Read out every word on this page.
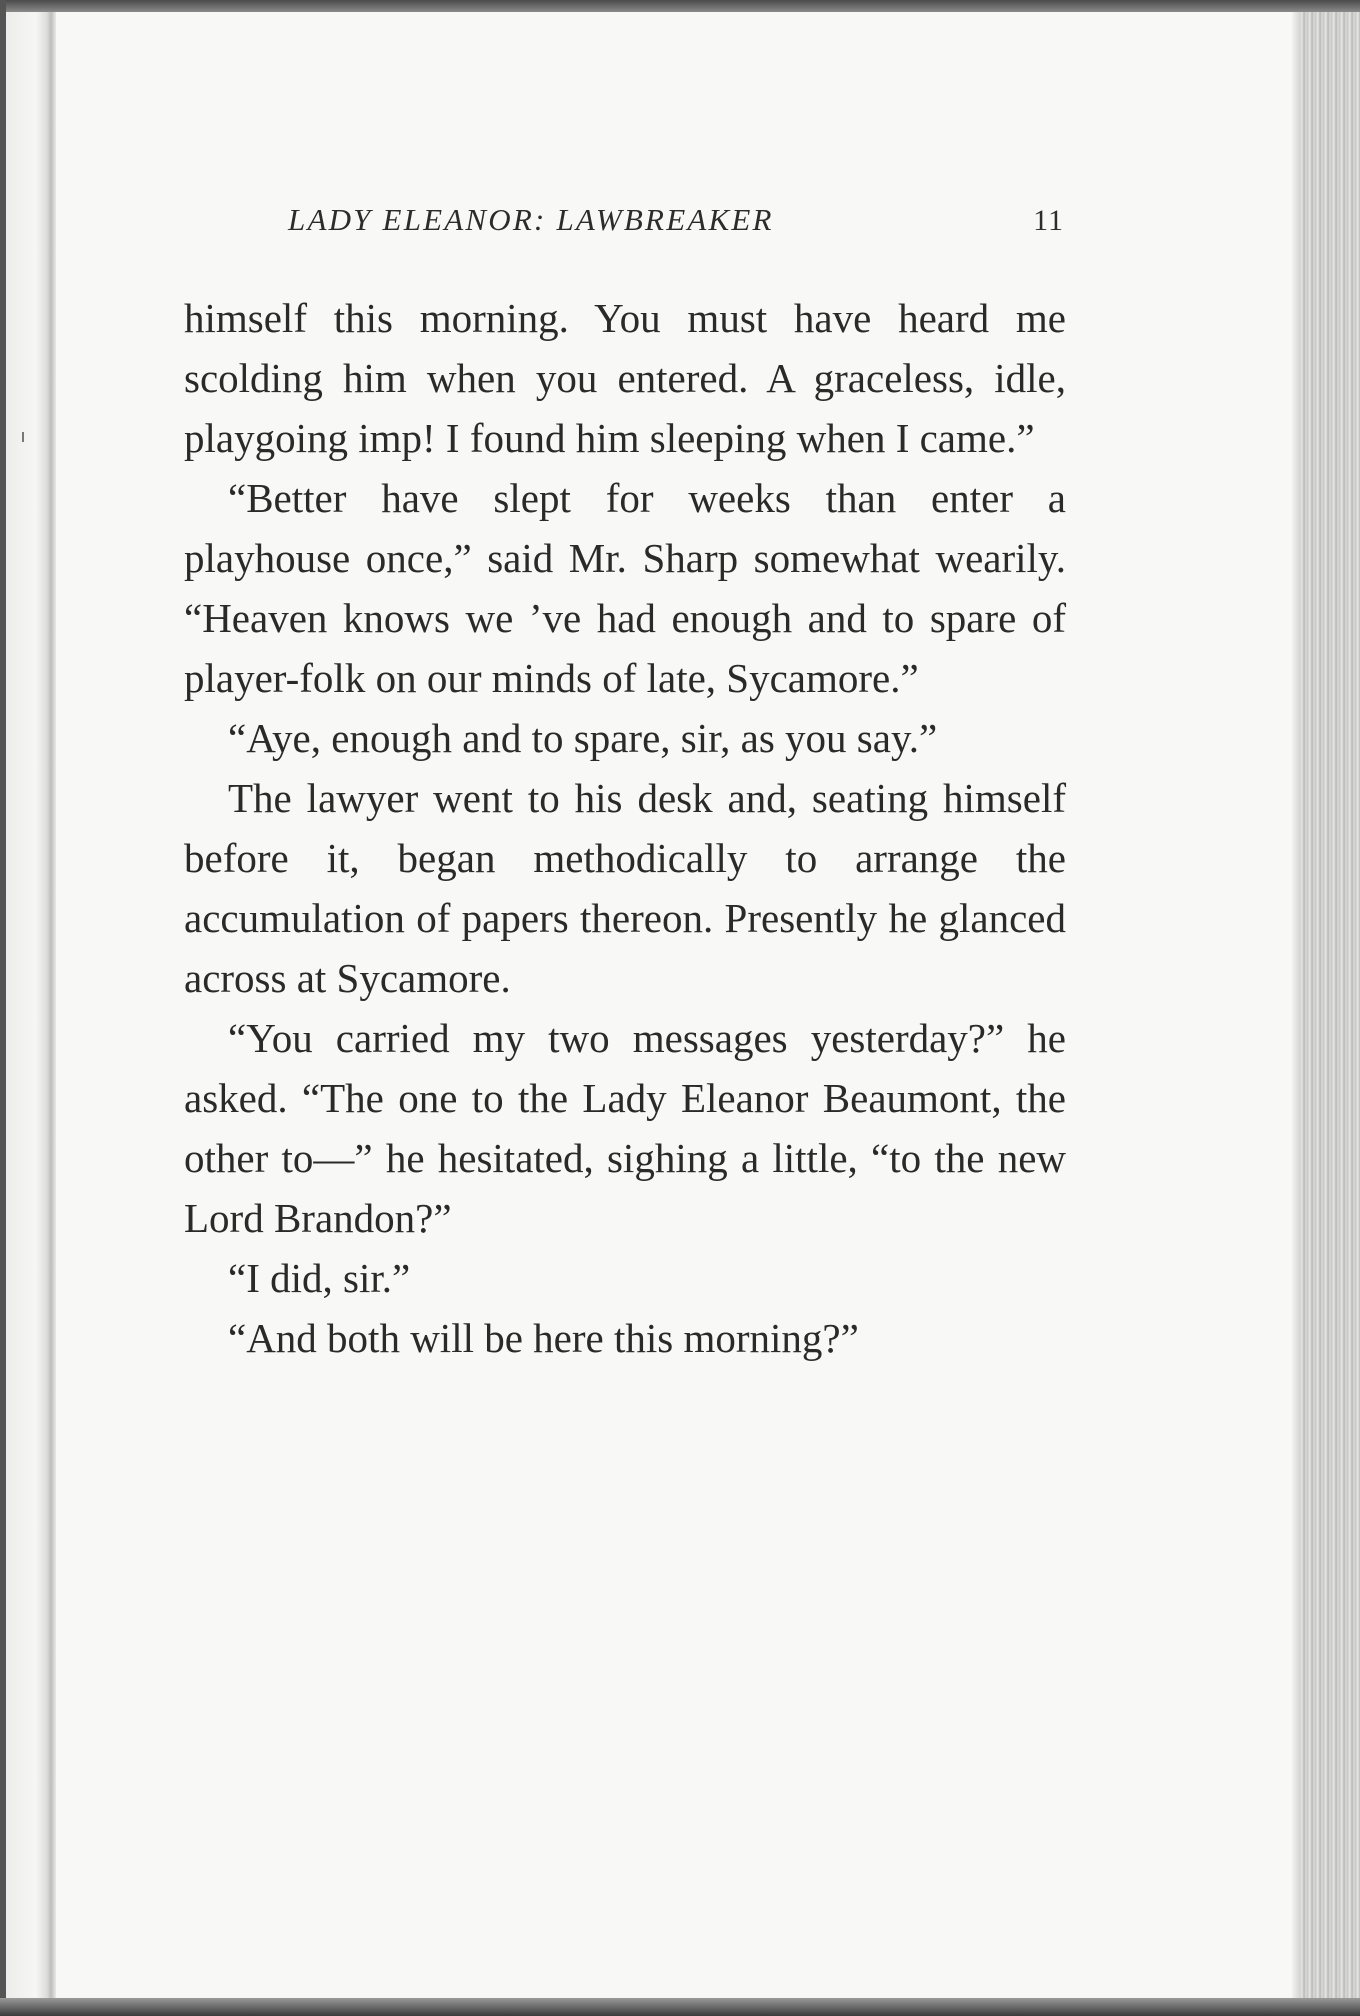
LADY ELEANOR: LAWBREAKER	11

himself this morning. You must have heard me scolding him when you entered. A graceless, idle, playgoing imp! I found him sleeping when I came.”

“Better have slept for weeks than enter a playhouse once,” said Mr. Sharp somewhat wearily. “Heaven knows we ’ve had enough and to spare of player-folk on our minds of late, Sycamore.”

“Aye, enough and to spare, sir, as you say.”

The lawyer went to his desk and, seating himself before it, began methodically to arrange the accumulation of papers thereon. Presently he glanced across at Sycamore.

“You carried my two messages yesterday?” he asked. “The one to the Lady Eleanor Beaumont, the other to—” he hesitated, sighing a little, “to the new Lord Brandon?”

“I did, sir.”

“And both will be here this morning?”
